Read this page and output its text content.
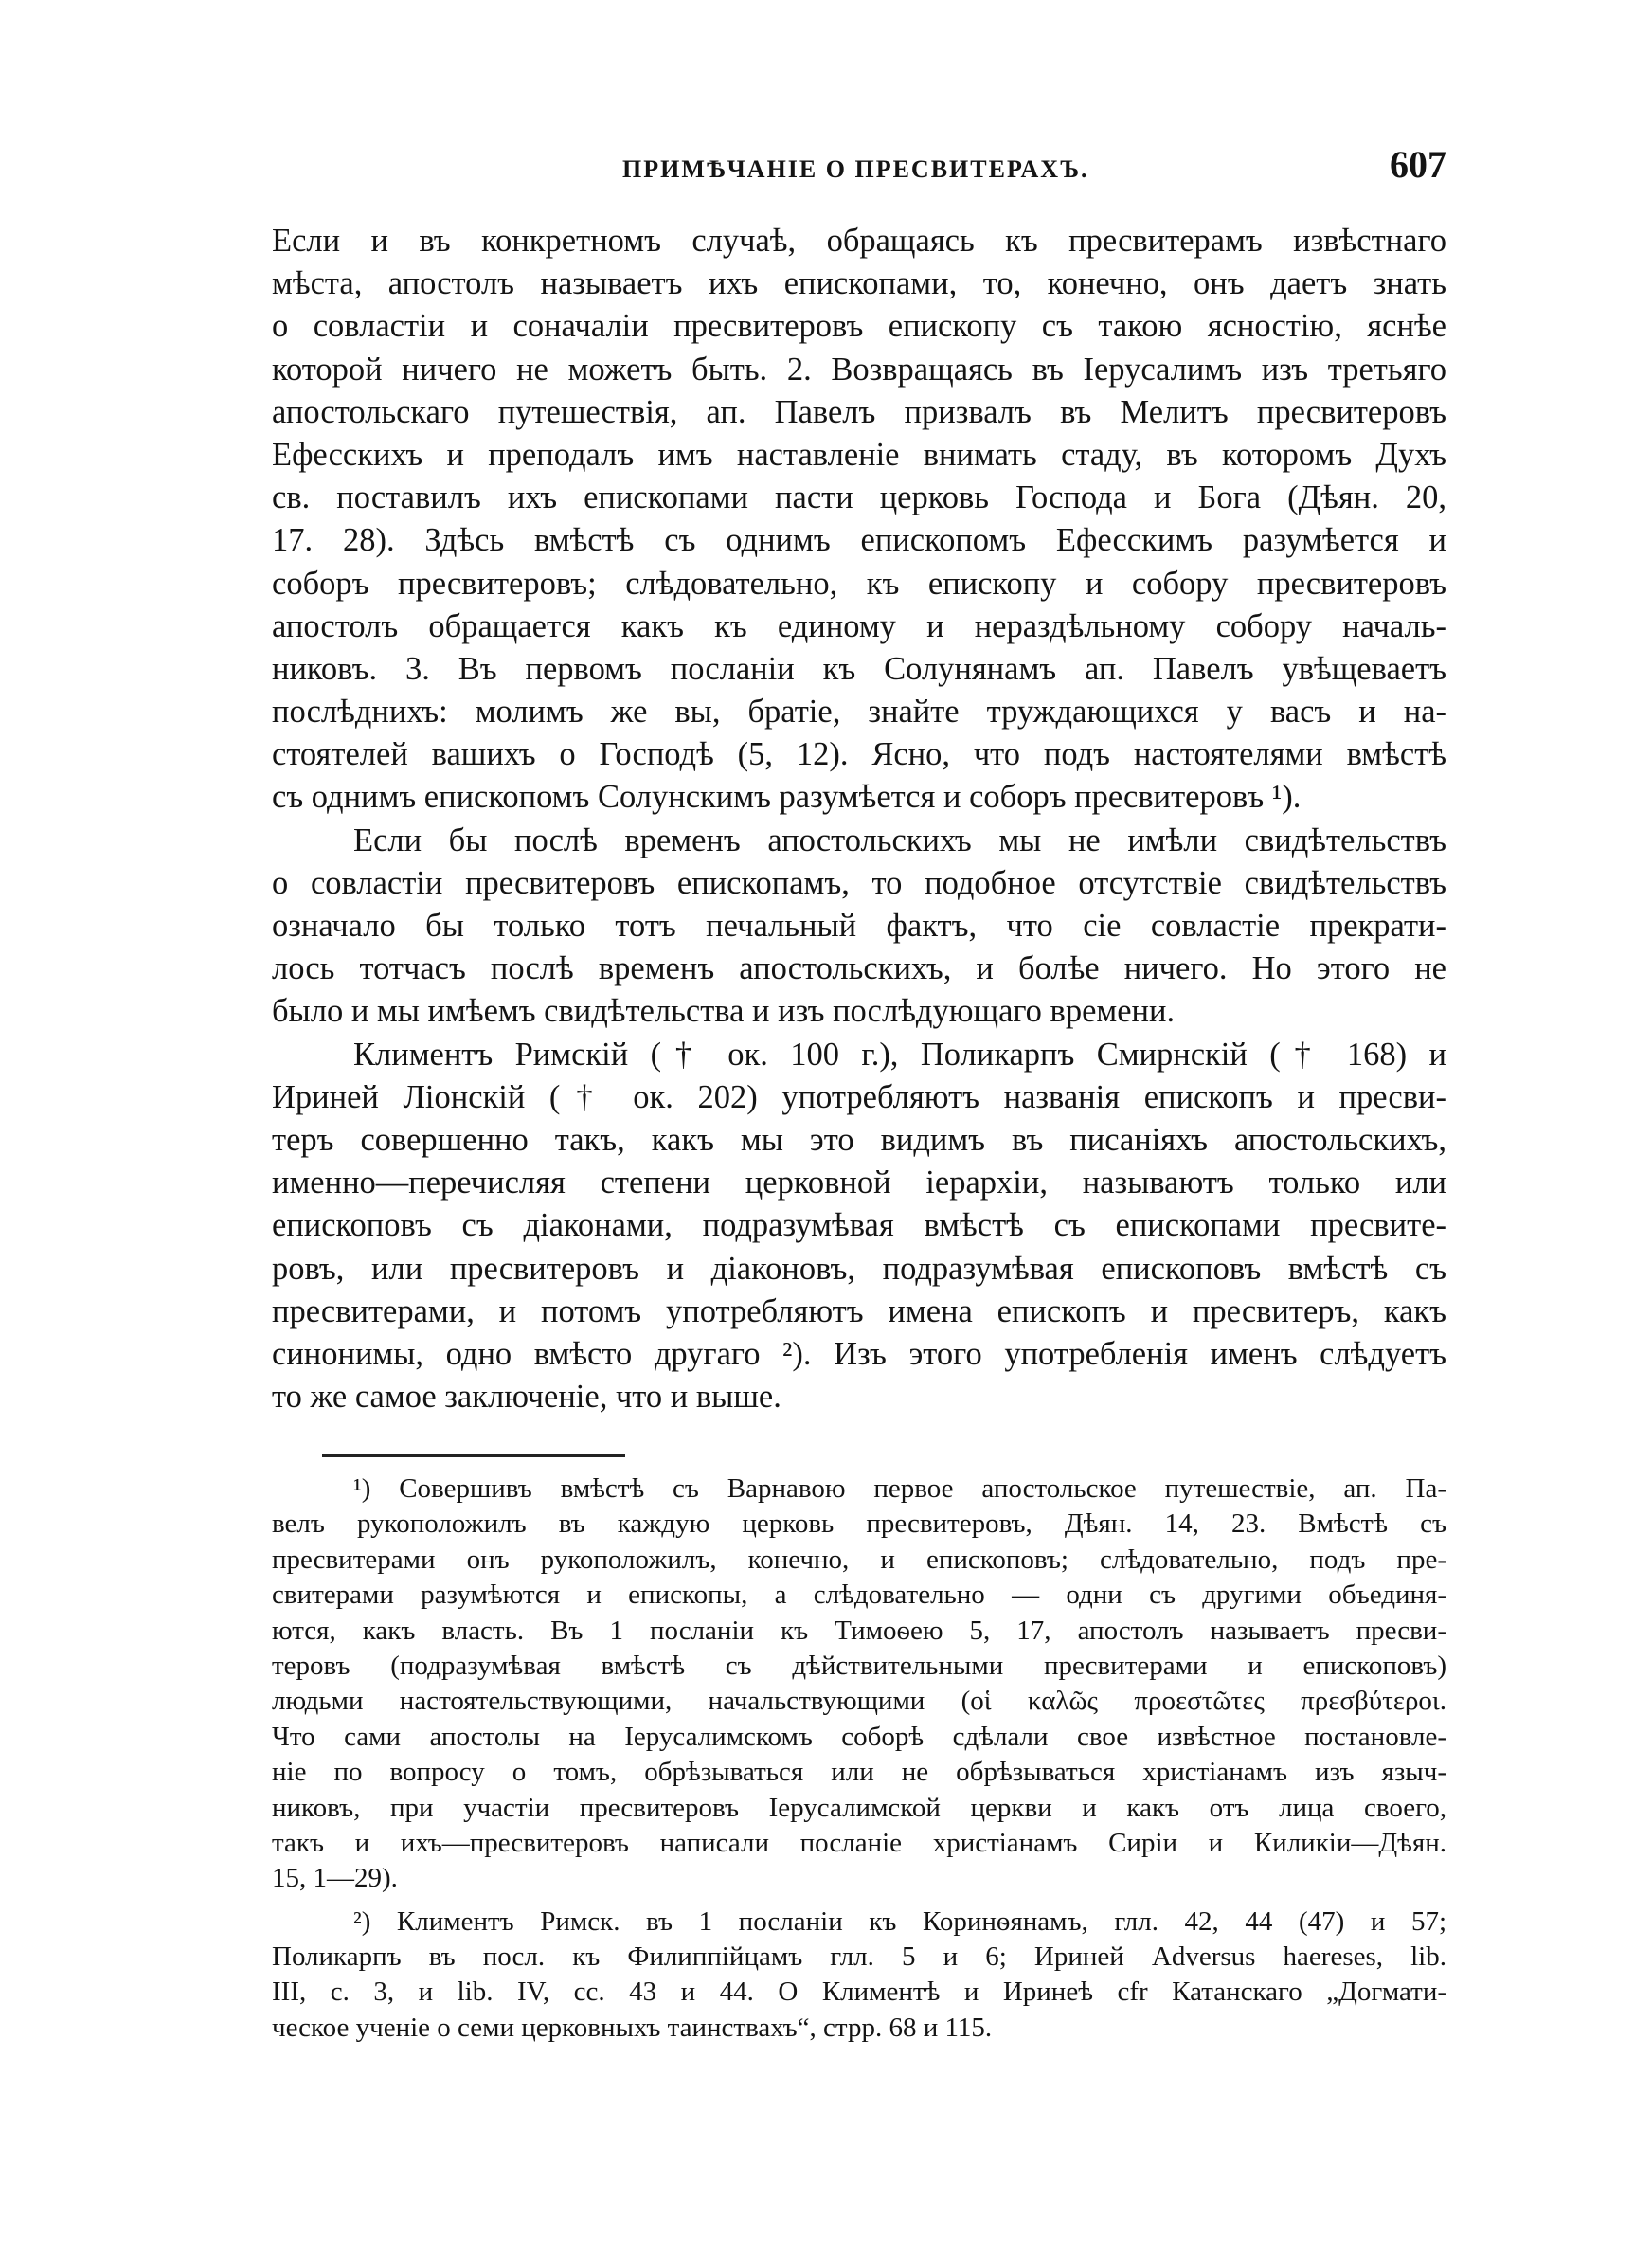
ПРИМѢЧАНІЕ О ПРЕСВИТЕРАХЪ.	607
Если и въ конкретномъ случаѣ, обращаясь къ пресвитерамъ извѣстнаго
мѣста, апостолъ называетъ ихъ епископами, то, конечно, онъ даетъ знать
о совластіи и соначаліи пресвитеровъ епископу съ такою ясностію, яснѣе
которой ничего не можетъ быть. 2. Возвращаясь въ Іерусалимъ изъ третьяго
апостольскаго путешествія, ап. Павелъ призвалъ въ Мелитъ пресвитеровъ
Ефесскихъ и преподалъ имъ наставленіе внимать стаду, въ которомъ Духъ
св. поставилъ ихъ епископами пасти церковь Господа и Бога (Дѣян. 20,
17. 28). Здѣсь вмѣстѣ съ однимъ епископомъ Ефесскимъ разумѣется и
соборъ пресвитеровъ; слѣдовательно, къ епископу и собору пресвитеровъ
апостолъ обращается какъ къ единому и нераздѣльному собору началь-
никовъ. 3. Въ первомъ посланіи къ Солунянамъ ап. Павелъ увѣщеваетъ
послѣднихъ: молимъ же вы, братіе, знайте труждающихся у васъ и на-
стоятелей вашихъ о Господѣ (5, 12). Ясно, что подъ настоятелями вмѣстѣ
съ однимъ епископомъ Солунскимъ разумѣется и соборъ пресвитеровъ ¹).
Если бы послѣ временъ апостольскихъ мы не имѣли свидѣтельствъ
о совластіи пресвитеровъ епископамъ, то подобное отсутствіе свидѣтельствъ
означало бы только тотъ печальный фактъ, что сіе совластіе прекрати-
лось тотчасъ послѣ временъ апостольскихъ, и болѣе ничего. Но этого не
было и мы имѣемъ свидѣтельства и изъ послѣдующаго времени.
Климентъ Римскій († ок. 100 г.), Поликарпъ Смирнскій († 168) и
Ириней Ліонскій († ок. 202) употребляютъ названія епископъ и пресви-
теръ совершенно такъ, какъ мы это видимъ въ писаніяхъ апостольскихъ,
именно—перечисляя степени церковной іерархіи, называютъ только или
епископовъ съ діаконами, подразумѣвая вмѣстѣ съ епископами пресвите-
ровъ, или пресвитеровъ и діаконовъ, подразумѣвая епископовъ вмѣстѣ съ
пресвитерами, и потомъ употребляютъ имена епископъ и пресвитеръ, какъ
синонимы, одно вмѣсто другаго ²). Изъ этого употребленія именъ слѣдуетъ
то же самое заключеніе, что и выше.
¹) Совершивъ вмѣстѣ съ Варнавою первое апостольское путешествіе, ап. Па-
велъ рукоположилъ въ каждую церковь пресвитеровъ, Дѣян. 14, 23. Вмѣстѣ съ
пресвитерами онъ рукоположилъ, конечно, и епископовъ; слѣдовательно, подъ пре-
свитерами разумѣются и епископы, а слѣдовательно — одни съ другими объединя-
ются, какъ власть. Въ 1 посланіи къ Тимоѳею 5, 17, апостолъ называетъ пресви-
теровъ (подразумѣвая вмѣстѣ съ дѣйствительными пресвитерами и епископовъ)
людьми настоятельствующими, начальствующими (οἱ καλῶς προεστῶτες πρεσβύτεροι.
Что сами апостолы на Іерусалимскомъ соборѣ сдѣлали свое извѣстное постановле-
ніе по вопросу о томъ, обрѣзываться или не обрѣзываться христіанамъ изъ языч-
никовъ, при участіи пресвитеровъ Іерусалимской церкви и какъ отъ лица своего,
такъ и ихъ—пресвитеровъ написали посланіе христіанамъ Сиріи и Киликіи—Дѣян.
15, 1—29).
²) Климентъ Римск. въ 1 посланіи къ Коринѳянамъ, глл. 42, 44 (47) и 57;
Поликарпъ въ посл. къ Филиппійцамъ глл. 5 и 6; Ириней Adversus haereses, lib.
III, c. 3, и lib. IV, cc. 43 и 44. О Климентѣ и Иринеѣ cfr Катанскаго „Догмати-
ческое ученіе о семи церковныхъ таинствахъ“, стрр. 68 и 115.
